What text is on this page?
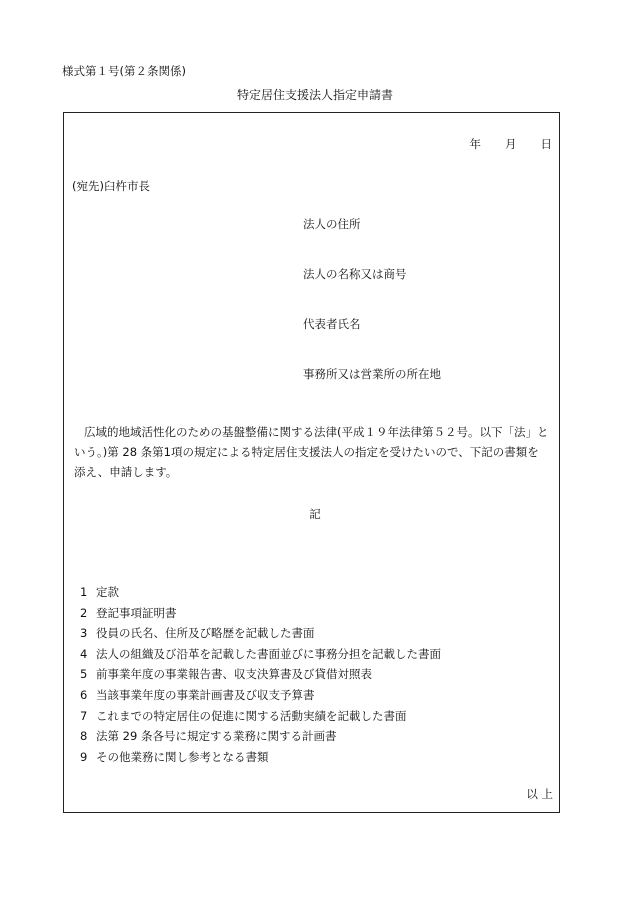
様式第１号(第２条関係)
特定居住支援法人指定申請書
年 月 日
(宛先)臼杵市長
法人の住所
法人の名称又は商号
代表者氏名
事務所又は営業所の所在地
広域的地域活性化のための基盤整備に関する法律(平成１９年法律第５２号。以下「法」と
いう。)第 28 条第1項の規定による特定居住支援法人の指定を受けたいので、下記の書類を
添え、申請します。
記
1 定款
2 登記事項証明書
3 役員の氏名、住所及び略歴を記載した書面
4 法人の組織及び沿革を記載した書面並びに事務分担を記載した書面
5 前事業年度の事業報告書、収支決算書及び貸借対照表
6 当該事業年度の事業計画書及び収支予算書
7 これまでの特定居住の促進に関する活動実績を記載した書面
8 法第 29 条各号に規定する業務に関する計画書
9 その他業務に関し参考となる書類
以 上
